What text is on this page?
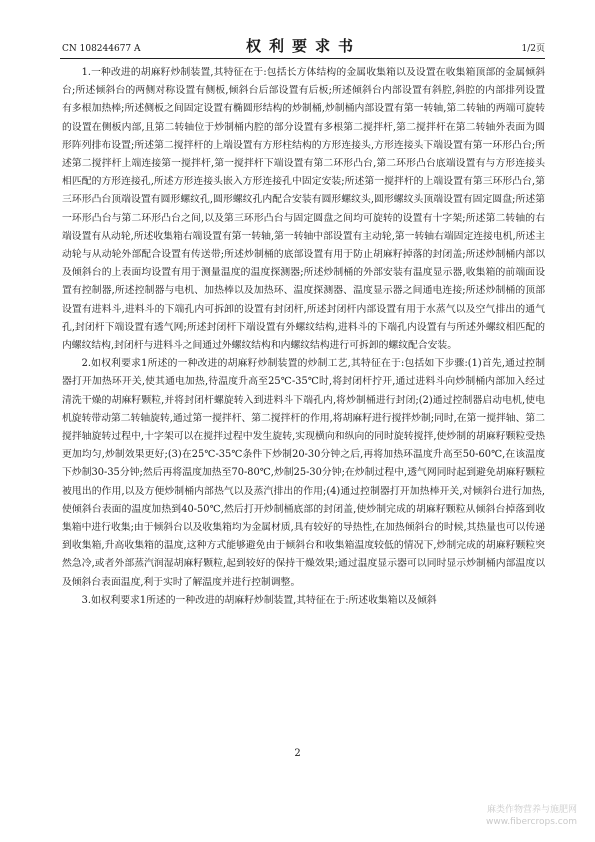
CN 108244677 A	权利要求书	1/2页

1.一种改进的胡麻籽炒制装置,其特征在于:包括长方体结构的金属收集箱以及设置在收集箱顶部的金属倾斜台;所述倾斜台的两侧对称设置有侧板,倾斜台后部设置有后板;所述倾斜台内部设置有斜腔,斜腔的内部排列设置有多根加热棒;所述侧板之间固定设置有椭圆形结构的炒制桶,炒制桶内部设置有第一转轴,第二转轴的两端可旋转的设置在侧板内部,且第二转轴位于炒制桶内腔的部分设置有多根第二搅拌杆,第二搅拌杆在第二转轴外表面为圆形阵列排布设置;所述第二搅拌杆的上端设置有方形柱结构的方形连接头,方形连接头下端设置有第一环形凸台;所述第二搅拌杆上端连接第一搅拌杆,第一搅拌杆下端设置有第二环形凸台,第二环形凸台底端设置有与方形连接头相匹配的方形连接孔,所述方形连接头嵌入方形连接孔中固定安装;所述第一搅拌杆的上端设置有第三环形凸台,第三环形凸台顶端设置有圆形螺纹孔,圆形螺纹孔内配合安装有圆形螺纹头,圆形螺纹头顶端设置有固定圆盘;所述第一环形凸台与第二环形凸台之间,以及第三环形凸台与固定圆盘之间均可旋转的设置有十字架;所述第二转轴的右端设置有从动轮,所述收集箱右端设置有第一转轴,第一转轴中部设置有主动轮,第一转轴右端固定连接电机,所述主动轮与从动轮外部配合设置有传送带;所述炒制桶的底部设置有用于防止胡麻籽掉落的封闭盖;所述炒制桶内部以及倾斜台的上表面均设置有用于测量温度的温度探测器;所述炒制桶的外部安装有温度显示器,收集箱的前端面设置有控制器,所述控制器与电机、加热棒以及加热环、温度探测器、温度显示器之间通电连接;所述炒制桶的顶部设置有进料斗,进料斗的下端孔内可拆卸的设置有封闭杆,所述封闭杆内部设置有用于水蒸气以及空气排出的通气孔,封闭杆下端设置有透气网;所述封闭杆下端设置有外螺纹结构,进料斗的下端孔内设置有与所述外螺纹相匹配的内螺纹结构,封闭杆与进料斗之间通过外螺纹结构和内螺纹结构进行可拆卸的螺纹配合安装。

2.如权利要求1所述的一种改进的胡麻籽炒制装置的炒制工艺,其特征在于:包括如下步骤:(1)首先,通过控制器打开加热环开关,使其通电加热,待温度升高至25℃-35℃时,将封闭杆拧开,通过进料斗向炒制桶内部加入经过清洗干燥的胡麻籽颗粒,并将封闭杆螺旋转入到进料斗下端孔内,将炒制桶进行封闭;(2)通过控制器启动电机,使电机旋转带动第二转轴旋转,通过第一搅拌杆、第二搅拌杆的作用,将胡麻籽进行搅拌炒制;同时,在第一搅拌轴、第二搅拌轴旋转过程中,十字架可以在搅拌过程中发生旋转,实现横向和纵向的同时旋转搅拌,使炒制的胡麻籽颗粒受热更加均匀,炒制效果更好;(3)在25℃-35℃条件下炒制20-30分钟之后,再将加热环温度升高至50-60℃,在该温度下炒制30-35分钟;然后再将温度加热至70-80℃,炒制25-30分钟;在炒制过程中,透气网同时起到避免胡麻籽颗粒被甩出的作用,以及方便炒制桶内部热气以及蒸汽排出的作用;(4)通过控制器打开加热棒开关,对倾斜台进行加热,使倾斜台表面的温度加热到40-50℃,然后打开炒制桶底部的封闭盖,使炒制完成的胡麻籽颗粒从倾斜台掉落到收集箱中进行收集;由于倾斜台以及收集箱均为金属材质,具有较好的导热性,在加热倾斜台的时候,其热量也可以传递到收集箱,升高收集箱的温度,这种方式能够避免由于倾斜台和收集箱温度较低的情况下,炒制完成的胡麻籽颗粒突然急冷,或者外部蒸汽润湿胡麻籽颗粒,起到较好的保持干燥效果;通过温度显示器可以同时显示炒制桶内部温度以及倾斜台表面温度,利于实时了解温度并进行控制调整。

3.如权利要求1所述的一种改进的胡麻籽炒制装置,其特征在于:所述收集箱以及倾斜

2
麻类作物营养与施肥网
www.fibercrops.com
